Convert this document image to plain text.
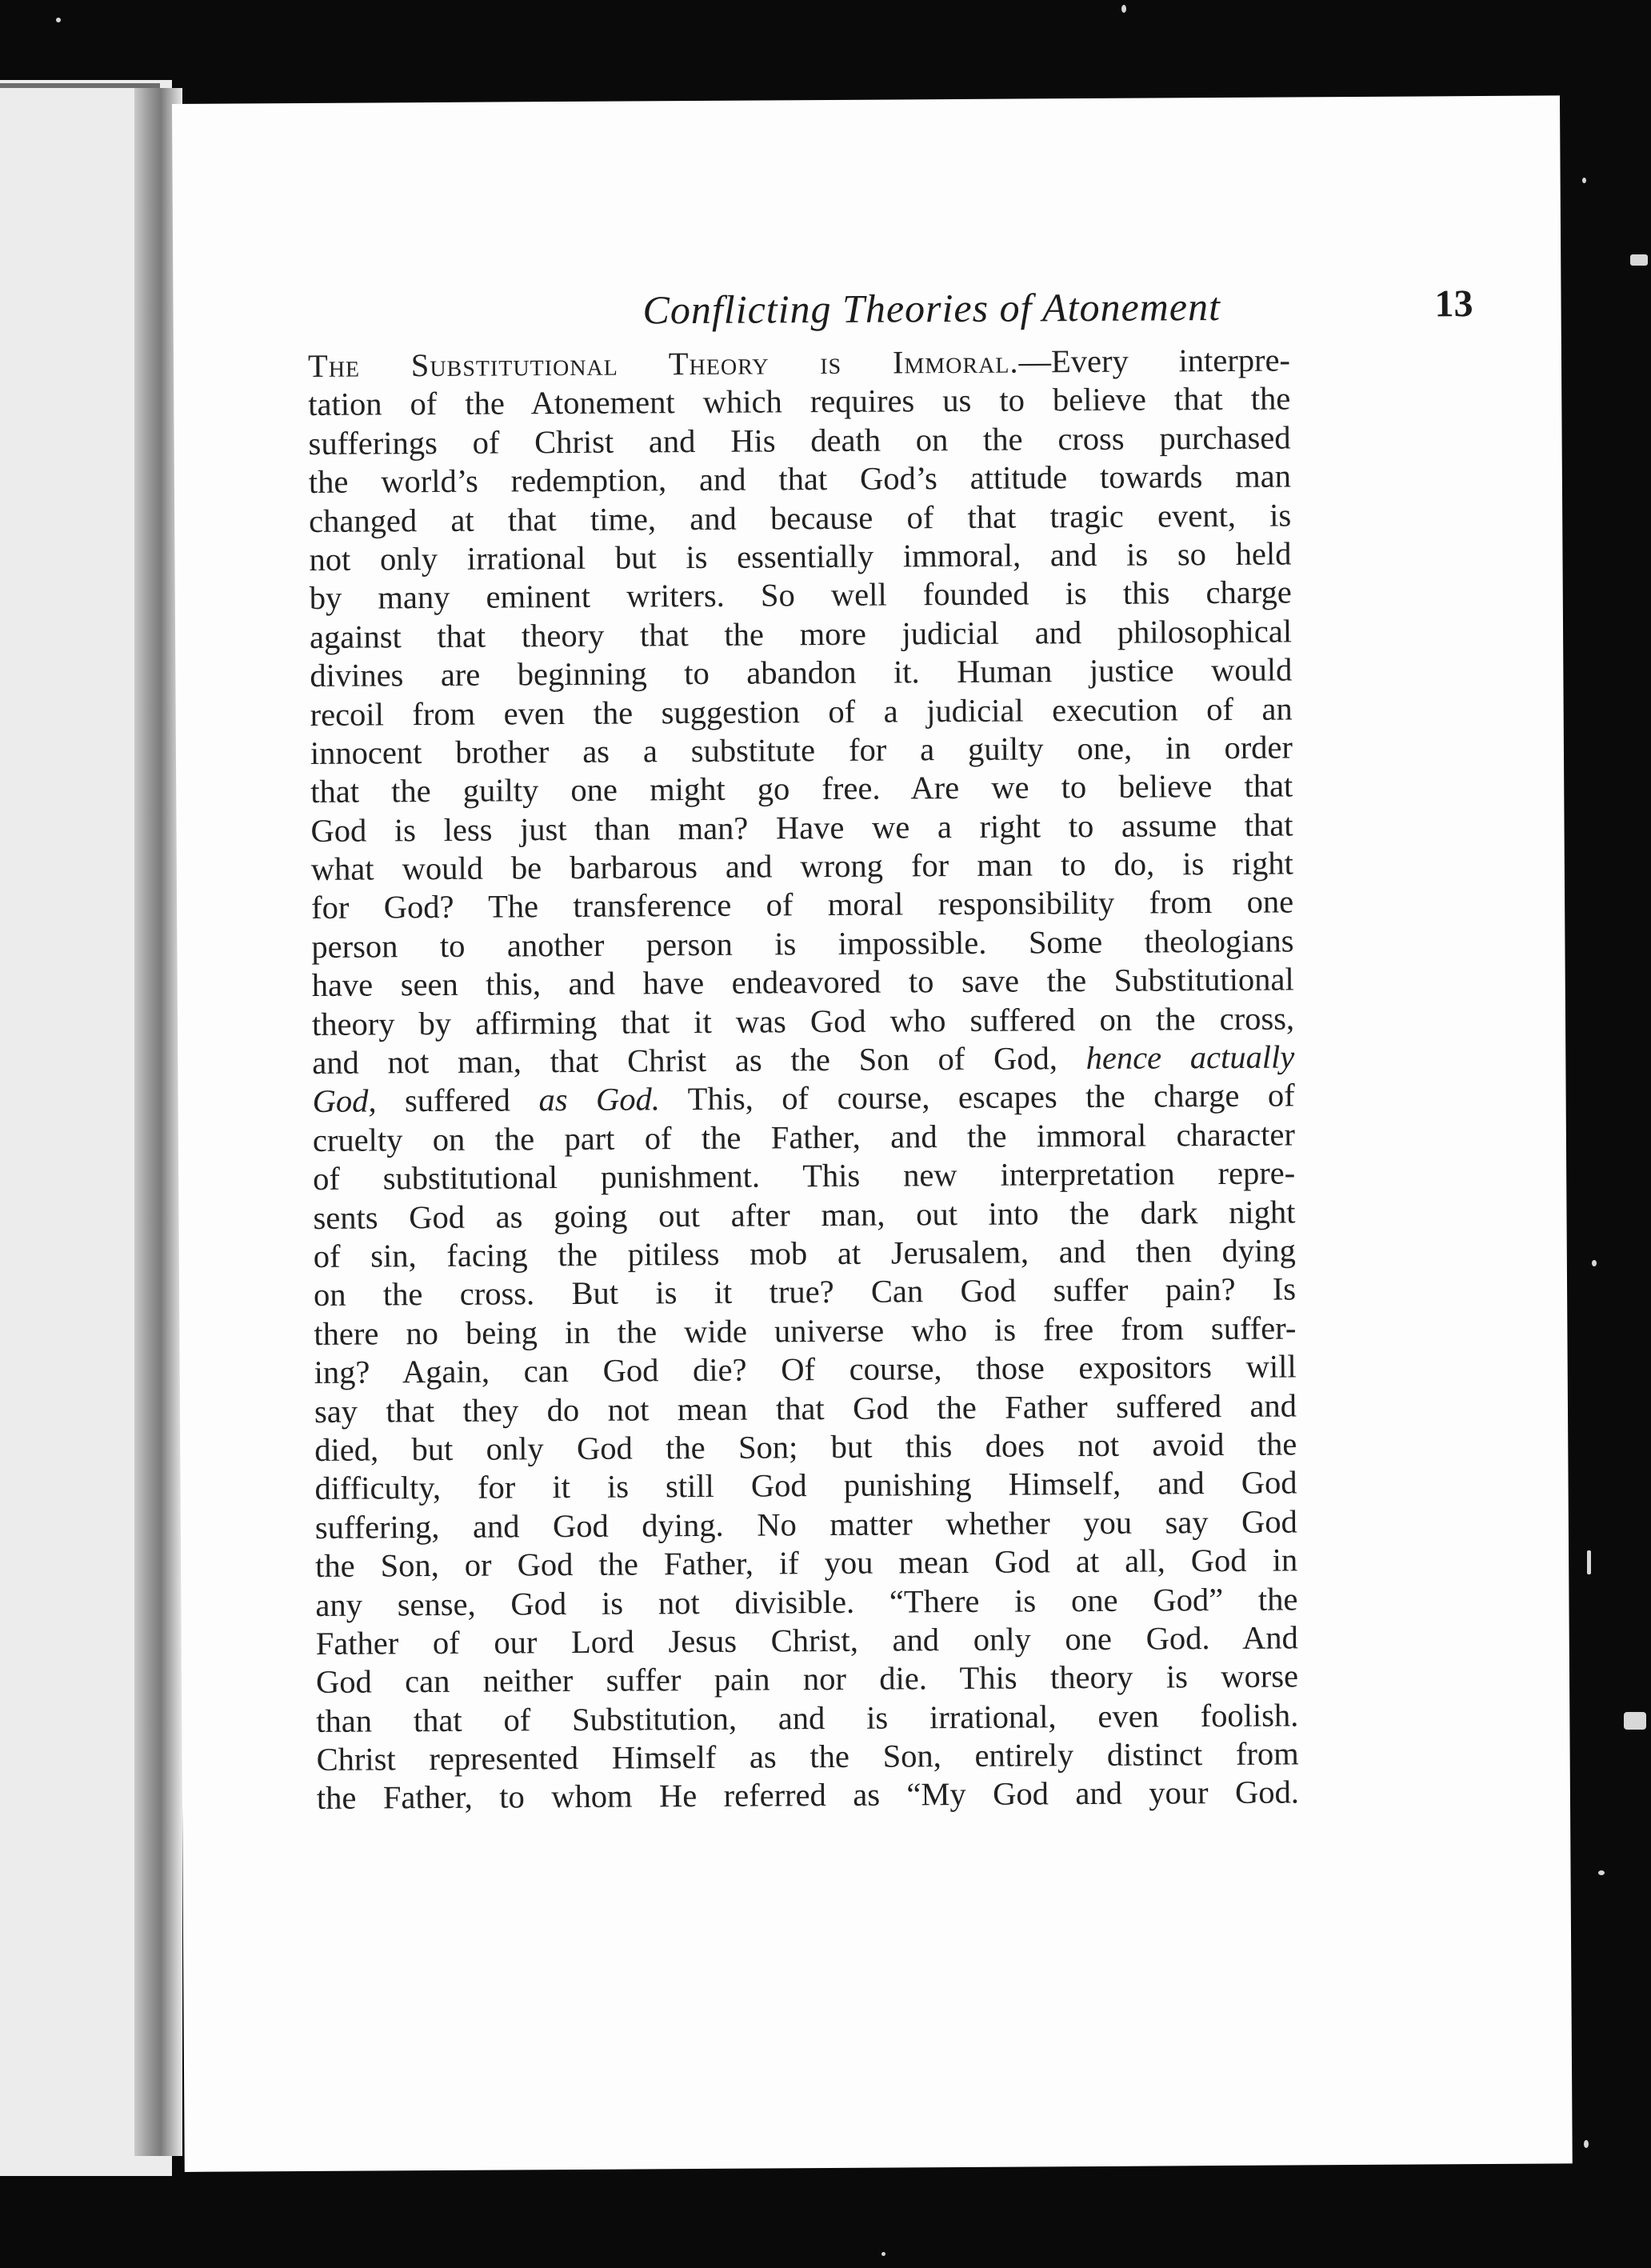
Conflicting Theories of Atonement	13
The Substitutional Theory is Immoral.—Every interpre-
tation of the Atonement which requires us to believe that the
sufferings of Christ and His death on the cross purchased
the world’s redemption, and that God’s attitude towards man
changed at that time, and because of that tragic event, is
not only irrational but is essentially immoral, and is so held
by many eminent writers. So well founded is this charge
against that theory that the more judicial and philosophical
divines are beginning to abandon it. Human justice would
recoil from even the suggestion of a judicial execution of an
innocent brother as a substitute for a guilty one, in order
that the guilty one might go free. Are we to believe that
God is less just than man? Have we a right to assume that
what would be barbarous and wrong for man to do, is right
for God? The transference of moral responsibility from one
person to another person is impossible. Some theologians
have seen this, and have endeavored to save the Substitutional
theory by affirming that it was God who suffered on the cross,
and not man, that Christ as the Son of God, hence actually
God, suffered as God. This, of course, escapes the charge of
cruelty on the part of the Father, and the immoral character
of substitutional punishment. This new interpretation repre-
sents God as going out after man, out into the dark night
of sin, facing the pitiless mob at Jerusalem, and then dying
on the cross. But is it true? Can God suffer pain? Is
there no being in the wide universe who is free from suffer-
ing? Again, can God die? Of course, those expositors will
say that they do not mean that God the Father suffered and
died, but only God the Son; but this does not avoid the
difficulty, for it is still God punishing Himself, and God
suffering, and God dying. No matter whether you say God
the Son, or God the Father, if you mean God at all, God in
any sense, God is not divisible. “There is one God” the
Father of our Lord Jesus Christ, and only one God. And
God can neither suffer pain nor die. This theory is worse
than that of Substitution, and is irrational, even foolish.
Christ represented Himself as the Son, entirely distinct from
the Father, to whom He referred as “My God and your God.
